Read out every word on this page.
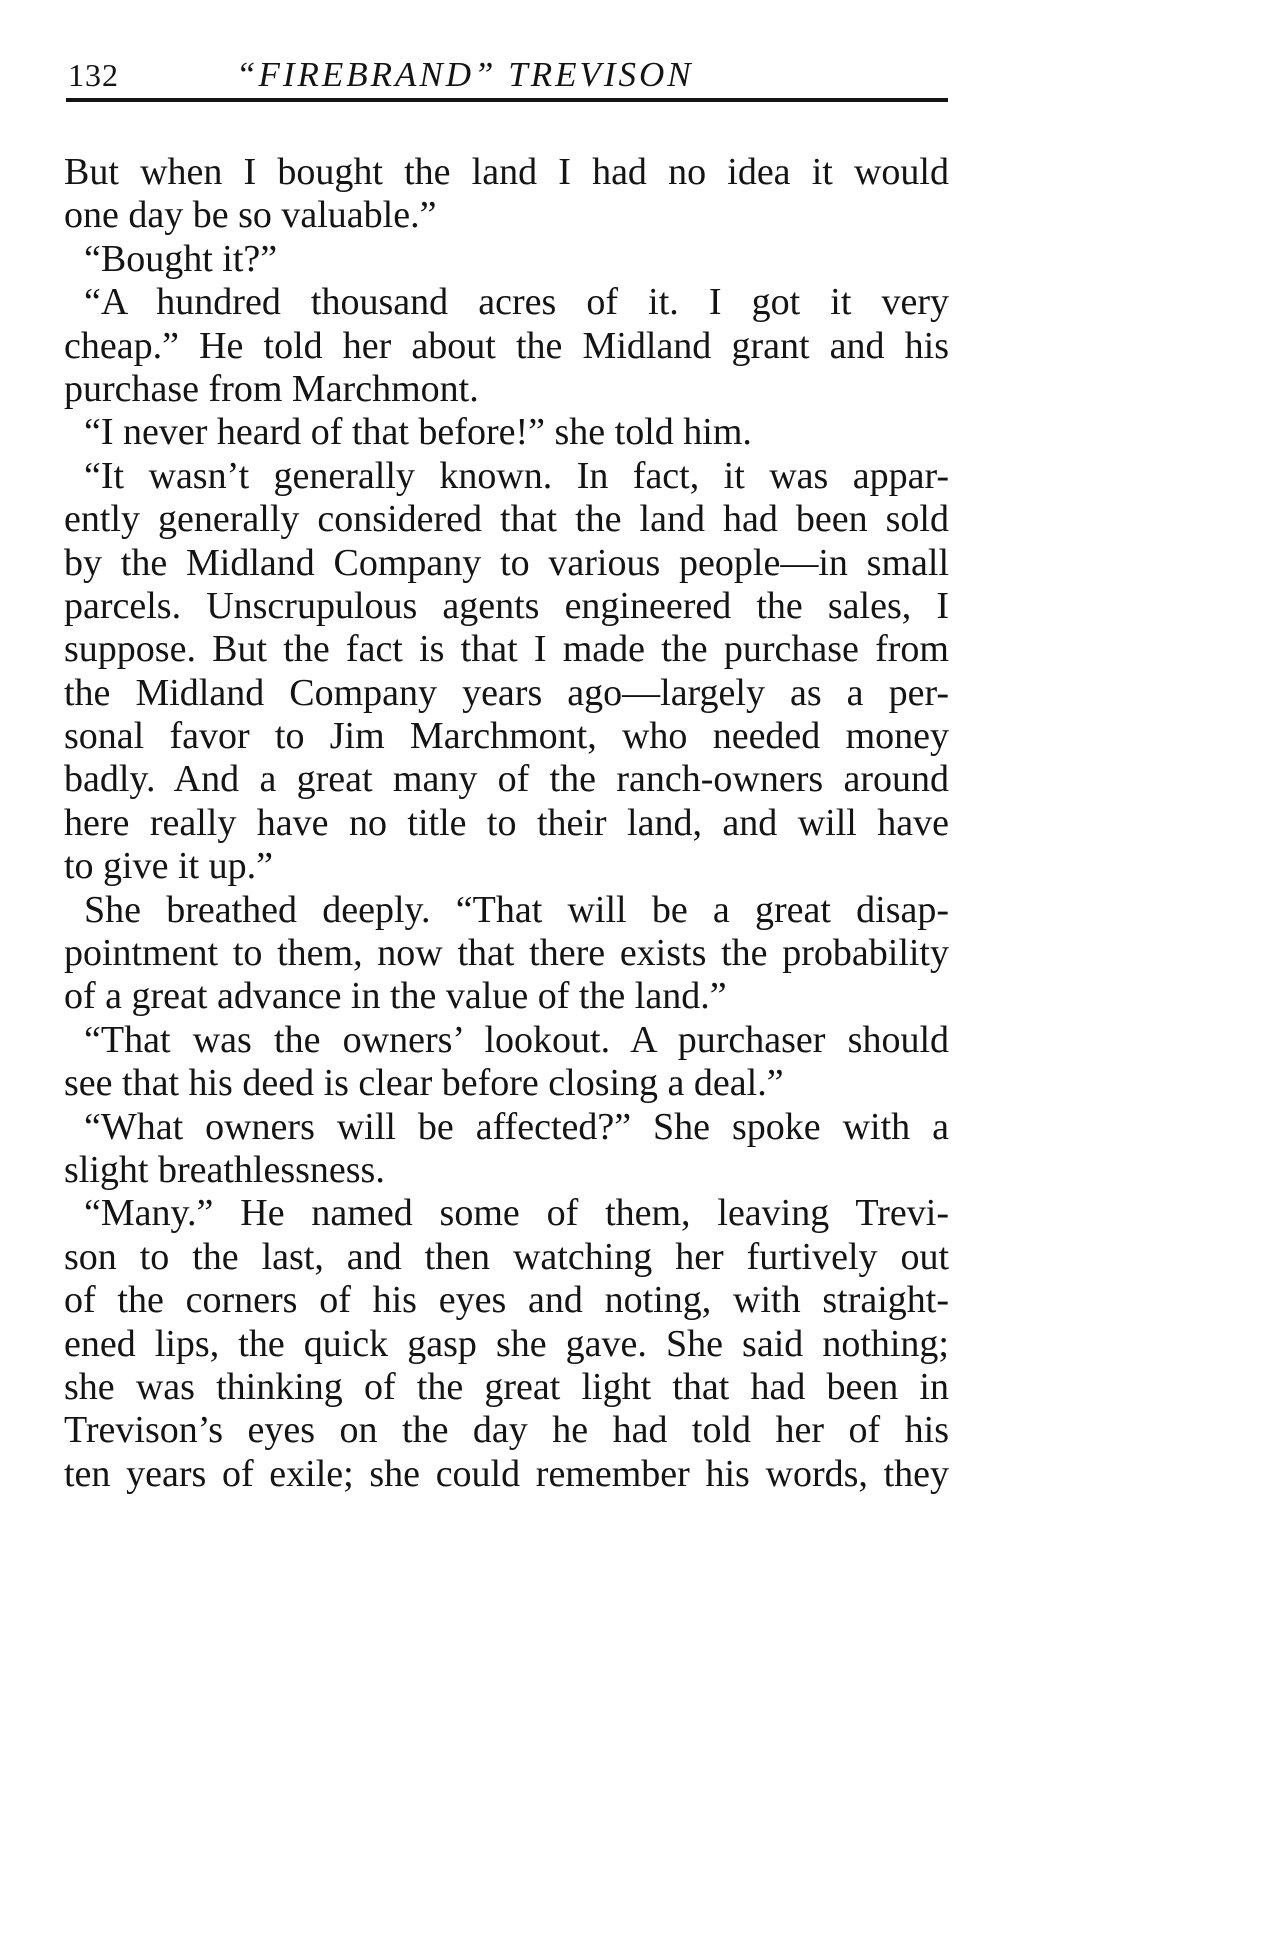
132	“FIREBRAND” TREVISON
But when I bought the land I had no idea it would
one day be so valuable.”
“Bought it?”
“A hundred thousand acres of it. I got it very
cheap.” He told her about the Midland grant and his
purchase from Marchmont.
“I never heard of that before!” she told him.
“It wasn’t generally known. In fact, it was appar-
ently generally considered that the land had been sold
by the Midland Company to various people—in small
parcels. Unscrupulous agents engineered the sales, I
suppose. But the fact is that I made the purchase from
the Midland Company years ago—largely as a per-
sonal favor to Jim Marchmont, who needed money
badly. And a great many of the ranch-owners around
here really have no title to their land, and will have
to give it up.”
She breathed deeply. “That will be a great disap-
pointment to them, now that there exists the probability
of a great advance in the value of the land.”
“That was the owners’ lookout. A purchaser should
see that his deed is clear before closing a deal.”
“What owners will be affected?” She spoke with a
slight breathlessness.
“Many.” He named some of them, leaving Trevi-
son to the last, and then watching her furtively out
of the corners of his eyes and noting, with straight-
ened lips, the quick gasp she gave. She said nothing;
she was thinking of the great light that had been in
Trevison’s eyes on the day he had told her of his
ten years of exile; she could remember his words, they
